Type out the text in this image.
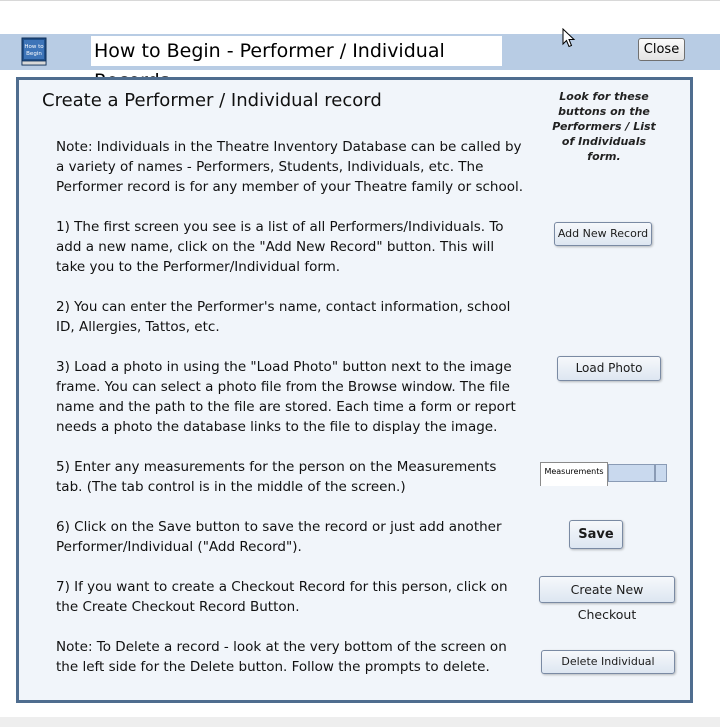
How to
Begin	How to Begin - Performer / Individual	Close
Create a Performer / Individual record	Look for these buttons on the Performers / List of Individuals form.
Note: Individuals in the Theatre Inventory Database can be called by a variety of names - Performers, Students, Individuals, etc. The Performer record is for any member of your Theatre family or school.
1) The first screen you see is a list of all Performers/Individuals. To add a new name, click on the "Add New Record" button. This will take you to the Performer/Individual form.
2) You can enter the Performer's name, contact information, school ID, Allergies, Tattos, etc.
3) Load a photo in using the "Load Photo" button next to the image frame. You can select a photo file from the Browse window. The file name and the path to the file are stored. Each time a form or report needs a photo the database links to the file to display the image.
5) Enter any measurements for the person on the Measurements tab. (The tab control is in the middle of the screen.)
6) Click on the Save button to save the record or just add another Performer/Individual ("Add Record").
7) If you want to create a Checkout Record for this person, click on the Create Checkout Record Button.
Note: To Delete a record - look at the very bottom of the screen on the left side for the Delete button. Follow the prompts to delete.
Add New Record
Load Photo
Measurements
Save
Create New Checkout
Delete Individual
